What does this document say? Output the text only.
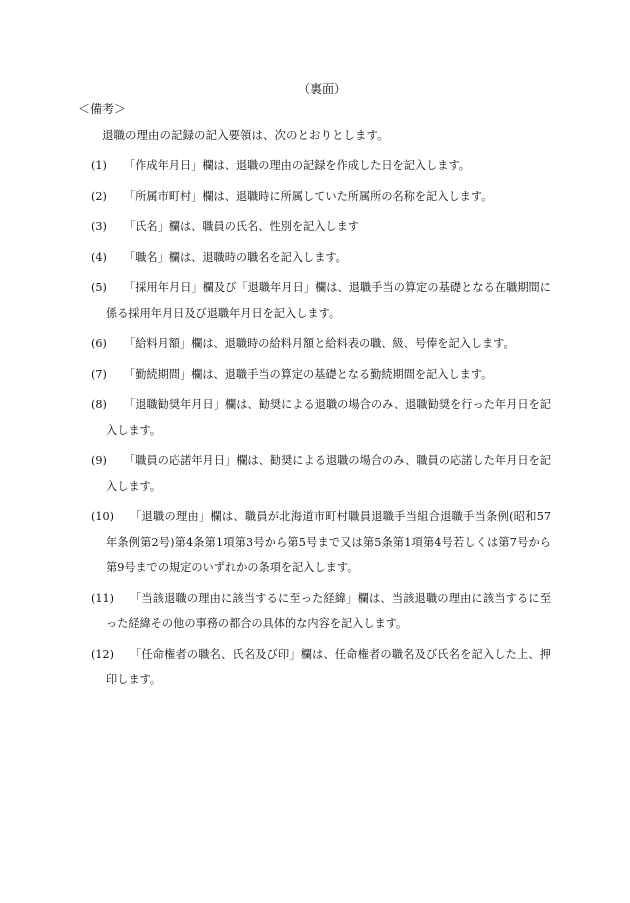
（裏面）
＜備考＞
退職の理由の記録の記入要領は、次のとおりとします。
(1)	「作成年月日」欄は、退職の理由の記録を作成した日を記入します。
(2)	「所属市町村」欄は、退職時に所属していた所属所の名称を記入します。
(3)	「氏名」欄は、職員の氏名、性別を記入します
(4)	「職名」欄は、退職時の職名を記入します。
(5)	「採用年月日」欄及び「退職年月日」欄は、退職手当の算定の基礎となる在職期間に係る採用年月日及び退職年月日を記入します。
(6)	「給料月額」欄は、退職時の給料月額と給料表の職、級、号俸を記入します。
(7)	「勤続期間」欄は、退職手当の算定の基礎となる勤続期間を記入します。
(8)	「退職勧奨年月日」欄は、勧奨による退職の場合のみ、退職勧奨を行った年月日を記入します。
(9)	「職員の応諾年月日」欄は、勧奨による退職の場合のみ、職員の応諾した年月日を記入します。
(10)	「退職の理由」欄は、職員が北海道市町村職員退職手当組合退職手当条例(昭和57年条例第2号)第4条第1項第3号から第5号まで又は第5条第1項第4号若しくは第7号から第9号までの規定のいずれかの条項を記入します。
(11)	「当該退職の理由に該当するに至った経緯」欄は、当該退職の理由に該当するに至った経緯その他の事務の都合の具体的な内容を記入します。
(12)	「任命権者の職名、氏名及び印」欄は、任命権者の職名及び氏名を記入した上、押印します。
